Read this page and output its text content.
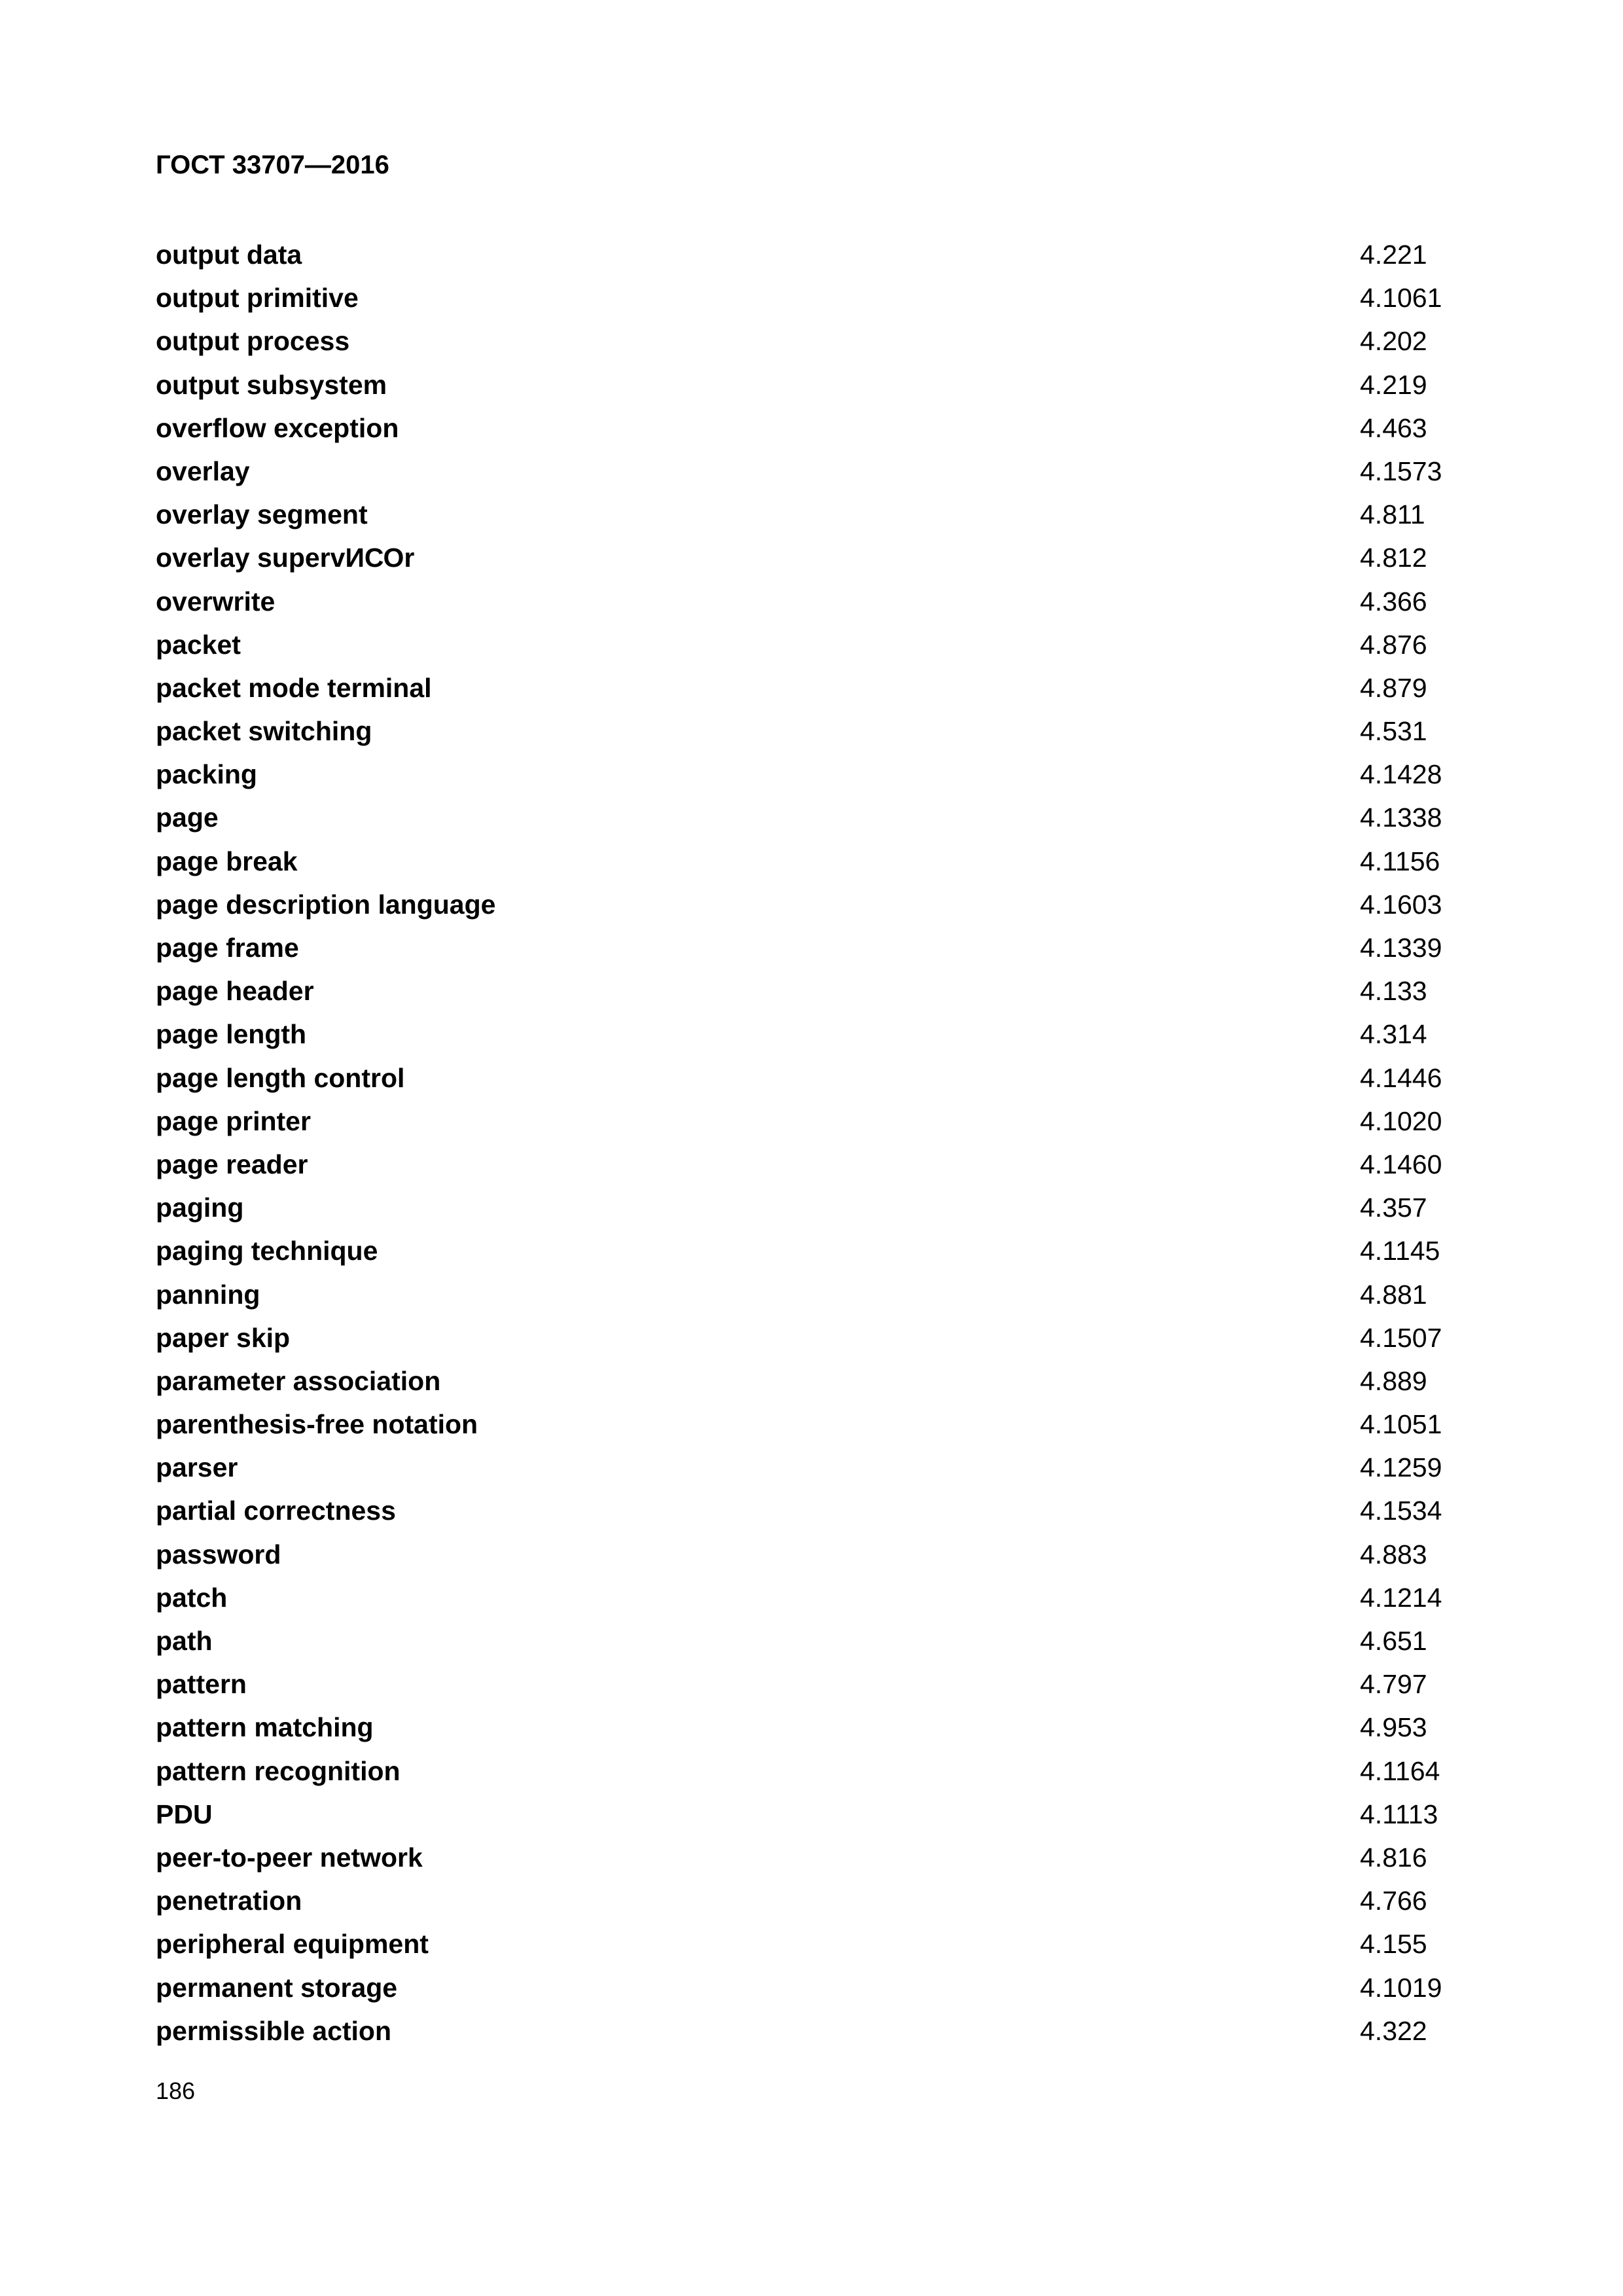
ГОСТ 33707—2016
output data	4.221
output primitive	4.1061
output process	4.202
output subsystem	4.219
overflow exception	4.463
overlay	4.1573
overlay segment	4.811
overlay supervИСОr	4.812
overwrite	4.366
packet	4.876
packet mode terminal	4.879
packet switching	4.531
packing	4.1428
page	4.1338
page break	4.1156
page description language	4.1603
page frame	4.1339
page header	4.133
page length	4.314
page length control	4.1446
page printer	4.1020
page reader	4.1460
paging	4.357
paging technique	4.1145
panning	4.881
paper skip	4.1507
parameter association	4.889
parenthesis-free notation	4.1051
parser	4.1259
partial correctness	4.1534
password	4.883
patch	4.1214
path	4.651
pattern	4.797
pattern matching	4.953
pattern recognition	4.1164
PDU	4.1113
peer-to-peer network	4.816
penetration	4.766
peripheral equipment	4.155
permanent storage	4.1019
permissible action	4.322
186
